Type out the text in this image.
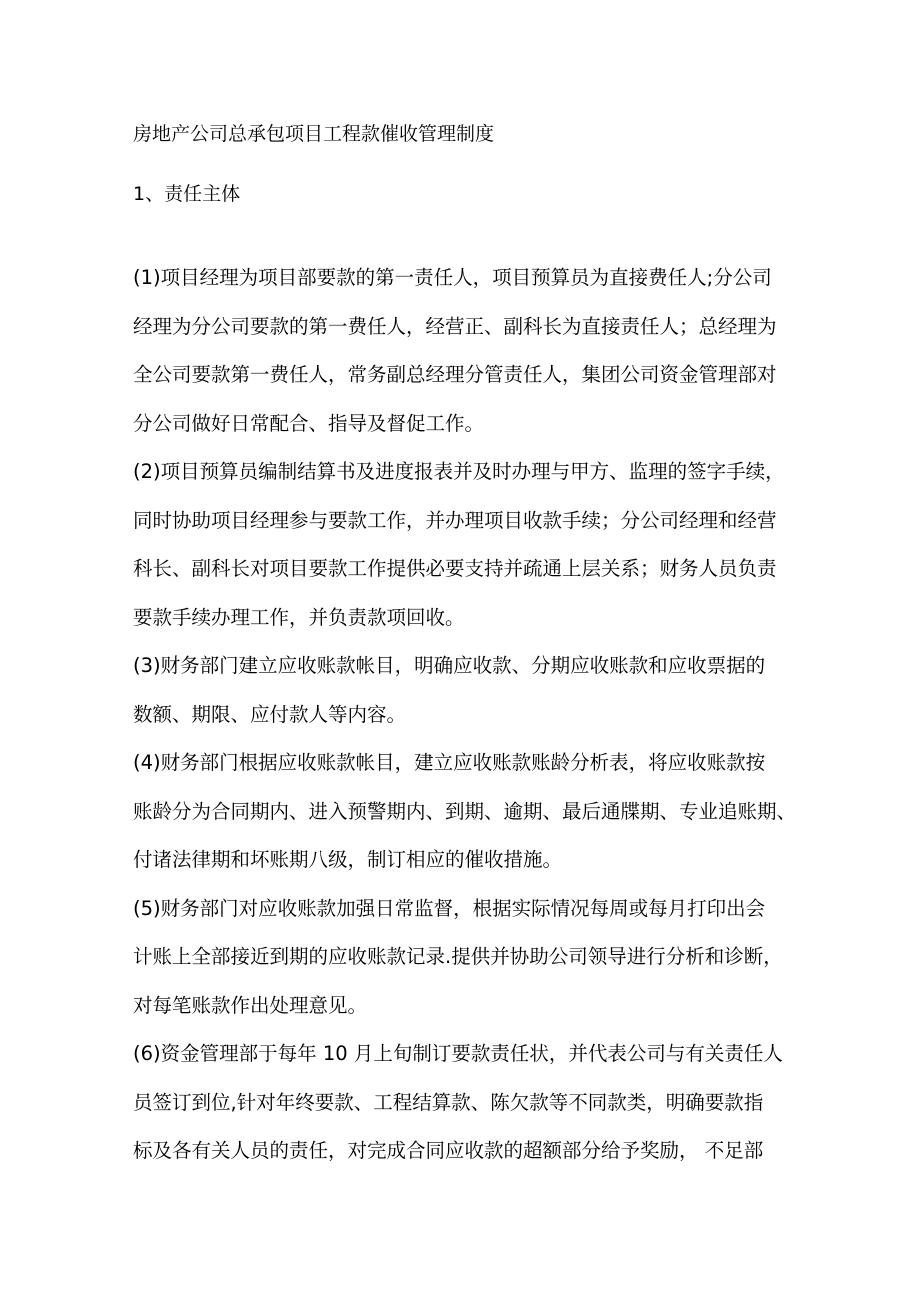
房地产公司总承包项目工程款催收管理制度
1、责任主体
(1)项目经理为项目部要款的第一责任人，项目预算员为直接费任人;分公司
经理为分公司要款的第一费任人，经营正、副科长为直接责任人；总经理为
全公司要款第一费任人，常务副总经理分管责任人，集团公司资金管理部对
分公司做好日常配合、指导及督促工作。
(2)项目预算员编制结算书及进度报表并及时办理与甲方、监理的签字手续，
同时协助项目经理参与要款工作，并办理项目收款手续；分公司经理和经营
科长、副科长对项目要款工作提供必要支持并疏通上层关系；财务人员负责
要款手续办理工作，并负责款项回收。
(3)财务部门建立应收账款帐目，明确应收款、分期应收账款和应收票据的
数额、期限、应付款人等内容。
(4)财务部门根据应收账款帐目，建立应收账款账龄分析表，将应收账款按
账龄分为合同期内、进入预警期内、到期、逾期、最后通牒期、专业追账期、
付诸法律期和坏账期八级，制订相应的催收措施。
(5)财务部门对应收账款加强日常监督，根据实际情况每周或每月打印出会
计账上全部接近到期的应收账款记录.提供并协助公司领导进行分析和诊断，
对每笔账款作出处理意见。
(6)资金管理部于每年 10 月上旬制订要款责任状，并代表公司与有关责任人
员签订到位,针对年终要款、工程结算款、陈欠款等不同款类，明确要款指
标及各有关人员的责任，对完成合同应收款的超额部分给予奖励， 不足部
